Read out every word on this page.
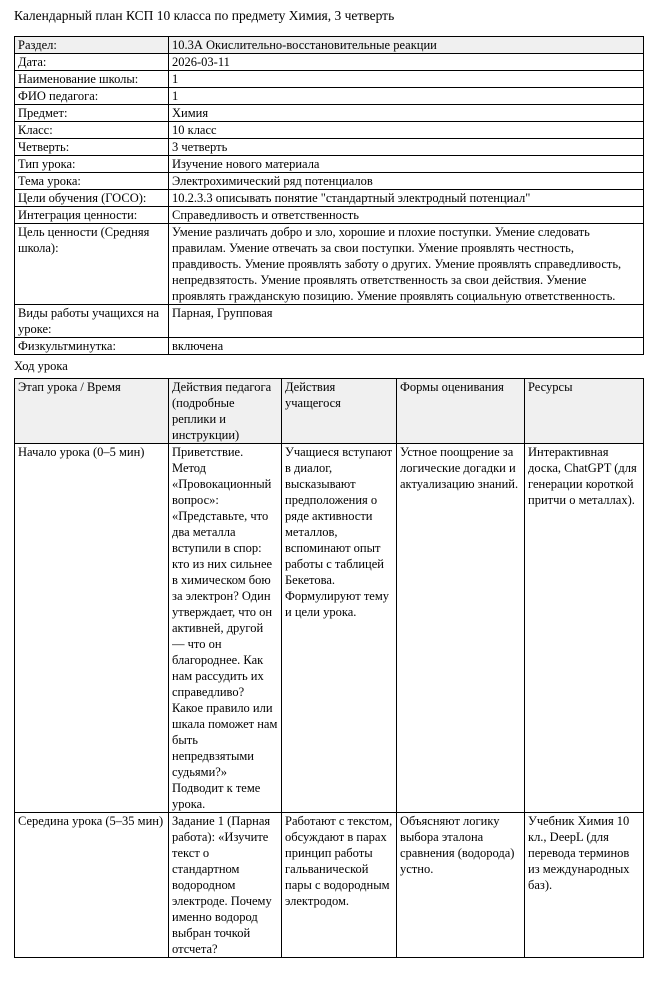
Календарный план КСП 10 класса по предмету Химия, 3 четверть
Раздел:	10.3А Окислительно-восстановительные реакции
Дата:	2026-03-11
Наименование школы:	1
ФИО педагога:	1
Предмет:	Химия
Класс:	10 класс
Четверть:	3 четверть
Тип урока:	Изучение нового материала
Тема урока:	Электрохимический ряд потенциалов
Цели обучения (ГОСО):	10.2.3.3 описывать понятие "стандартный электродный потенциал"
Интеграция ценности:	Справедливость и ответственность
Цель ценности (Средняя школа):	Умение различать добро и зло, хорошие и плохие поступки. Умение следовать правилам. Умение отвечать за свои поступки. Умение проявлять честность, правдивость. Умение проявлять заботу о других. Умение проявлять справедливость, непредвзятость. Умение проявлять ответственность за свои действия. Умение проявлять гражданскую позицию. Умение проявлять социальную ответственность.
Виды работы учащихся на уроке:	Парная, Групповая
Физкультминутка:	включена
Ход урока
Этап урока / Время	Действия педагога (подробные реплики и инструкции)	Действия учащегося	Формы оценивания	Ресурсы

Начало урока (0–5 мин)	Приветствие. Метод «Провокационный вопрос»: «Представьте, что два металла вступили в спор: кто из них сильнее в химическом бою за электрон? Один утверждает, что он активней, другой — что он благороднее. Как нам рассудить их справедливо? Какое правило или шкала поможет нам быть непредвзятыми судьями?» Подводит к теме урока.	Учащиеся вступают в диалог, высказывают предположения о ряде активности металлов, вспоминают опыт работы с таблицей Бекетова. Формулируют тему и цели урока.	Устное поощрение за логические догадки и актуализацию знаний.	Интерактивная доска, ChatGPT (для генерации короткой притчи о металлах).

Середина урока (5–35 мин)	Задание 1 (Парная работа): «Изучите текст о стандартном водородном электроде. Почему именно водород выбран точкой отсчета?	Работают с текстом, обсуждают в парах принцип работы гальванической пары с водородным электродом.	Объясняют логику выбора эталона сравнения (водорода) устно.	Учебник Химия 10 кл., DeepL (для перевода терминов из международных баз).
